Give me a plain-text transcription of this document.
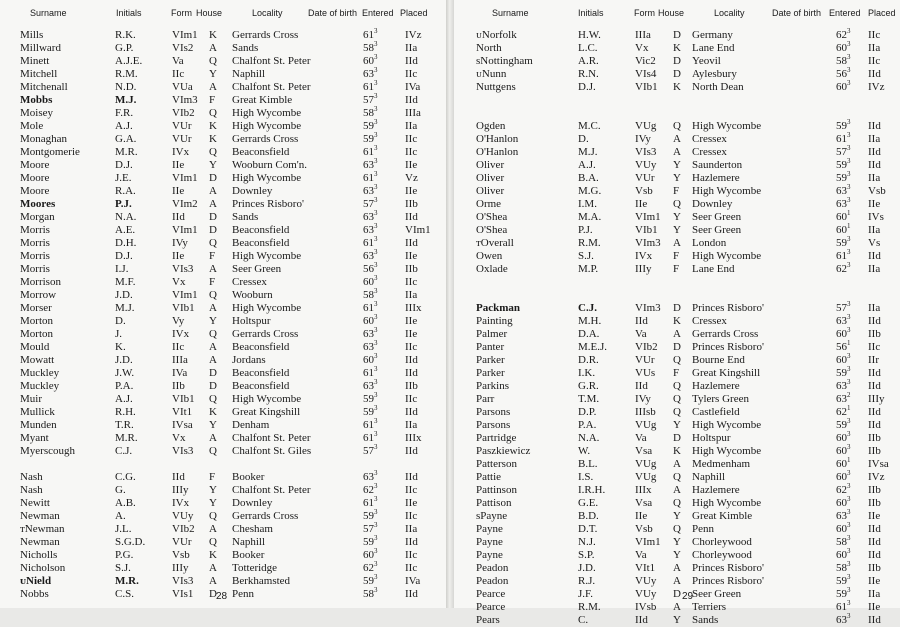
Surname	Initials	Form House	Locality	Date of birth Entered Placed
Mills	R.K.	VIm1	K	Gerrards Cross	$61^3$	IVz
Millward	G.P.	VIs2	A	Sands	$58^3$	IIa
Minett	A.J.E.	Va	Q	Chalfont St. Peter	$60^3$	IId
Mitchell	R.M.	IIc	Y	Naphill	$63^3$	IIc
Mitchenall	N.D.	VUa	A	Chalfont St. Peter	$61^3$	IVa
Mobbs	M.J.	VIm3	F	Great Kimble	$57^3$	IId
Moisey	F.R.	VIb2	Q	High Wycombe	$58^3$	IIIa
Mole	A.J.	VUr	K	High Wycombe	$59^3$	IIa
Monaghan	G.A.	VUr	K	Gerrards Cross	$59^3$	IIc
Montgomerie	M.R.	IVx	Q	Beaconsfield	$61^3$	IIc
Moore	D.J.	IIe	Y	Wooburn Com'n.	$63^3$	IIe
Moore	J.E.	VIm1	D	High Wycombe	$61^3$	Vz
Moore	R.A.	IIe	A	Downley	$63^3$	IIe
Moores	P.J.	VIm2	A	Princes Risboro'	$57^3$	IIb
Morgan	N.A.	IId	D	Sands	$63^3$	IId
Morris	A.E.	VIm1	D	Beaconsfield	$63^3$	VIm1
Morris	D.H.	IVy	Q	Beaconsfield	$61^3$	IId
Morris	D.J.	IIe	F	High Wycombe	$63^3$	IIe
Morris	I.J.	VIs3	A	Seer Green	$56^3$	IIb
Morrison	M.F.	Vx	F	Cressex	$60^3$	IIc
Morrow	J.D.	VIm1	Q	Wooburn	$58^3$	IIa
Morser	M.J.	VIb1	A	High Wycombe	$61^3$	IIIx
Morton	D.	Vy	Y	Holtspur	$60^3$	IIe
Morton	J.	IVx	Q	Gerrards Cross	$63^3$	IIe
Mould	K.	IIc	A	Beaconsfield	$63^3$	IIc
Mowatt	J.D.	IIIa	A	Jordans	$60^3$	IId
Muckley	J.W.	IVa	D	Beaconsfield	$61^3$	IId
Muckley	P.A.	IIb	D	Beaconsfield	$63^3$	IIb
Muir	A.J.	VIb1	Q	High Wycombe	$59^3$	IIc
Mullick	R.H.	VIt1	K	Great Kingshill	$59^3$	IId
Munden	T.R.	IVsa	Y	Denham	$61^3$	IIa
Myant	M.R.	Vx	A	Chalfont St. Peter	$61^3$	IIIx
Myerscough	C.J.	VIs3	Q	Chalfont St. Giles	$57^3$	IId
Nash	C.G.	IId	F	Booker	$63^3$	IId
Nash	G.	IIIy	Y	Chalfont St. Peter	$62^3$	IIc
Newitt	A.B.	IVx	Y	Downley	$61^3$	IIe
Newman	A.	VUy	Q	Gerrards Cross	$59^3$	IIc
ᴛNewman	J.L.	VIb2	A	Chesham	$57^3$	IIa
Newman	S.G.D.	VUr	Q	Naphill	$59^3$	IId
Nicholls	P.G.	Vsb	K	Booker	$60^3$	IIc
Nicholson	S.J.	IIIy	A	Totteridge	$62^3$	IIc
ᴜNield	M.R.	VIs3	A	Berkhamsted	$59^3$	IVa
Nobbs	C.S.	VIs1	D	Penn	$58^3$	IId
28
Surname	Initials	Form House	Locality	Date of birth Entered Placed
ᴜNorfolk	H.W.	IIIa	D	Germany	$62^3$	IIc
North	L.C.	Vx	K	Lane End	$60^3$	IIa
sNottingham	A.R.	Vic2	D	Yeovil	$58^3$	IIc
ᴜNunn	R.N.	VIs4	D	Aylesbury	$56^3$	IId
Nuttgens	D.J.	VIb1	K	North Dean	$60^3$	IVz
Ogden	M.C.	VUg	Q	High Wycombe	$59^3$	IId
O'Hanlon	D.	IVy	A	Cressex	$61^3$	IIa
O'Hanlon	M.J.	VIs3	A	Cressex	$57^3$	IId
Oliver	A.J.	VUy	Y	Saunderton	$59^3$	IId
Oliver	B.A.	VUr	Y	Hazlemere	$59^3$	IIa
Oliver	M.G.	Vsb	F	High Wycombe	$63^3$	Vsb
Orme	I.M.	IIe	Q	Downley	$63^3$	IIe
O'Shea	M.A.	VIm1	Y	Seer Green	$60^1$	IVs
O'Shea	P.J.	VIb1	Y	Seer Green	$60^1$	IIa
ᴛOverall	R.M.	VIm3	A	London	$59^3$	Vs
Owen	S.J.	IVx	F	High Wycombe	$61^3$	IId
Oxlade	M.P.	IIIy	F	Lane End	$62^3$	IIa
Packman	C.J.	VIm3	D	Princes Risboro'	$57^3$	IIa
Painting	M.H.	IId	K	Cressex	$63^3$	IId
Palmer	D.A.	Va	A	Gerrards Cross	$60^3$	IIb
Panter	M.E.J.	VIb2	D	Princes Risboro'	$56^1$	IIc
Parker	D.R.	VUr	Q	Bourne End	$60^3$	IIr
Parker	I.K.	VUs	F	Great Kingshill	$59^3$	IId
Parkins	G.R.	IId	Q	Hazlemere	$63^3$	IId
Parr	T.M.	IVy	Q	Tylers Green	$63^2$	IIIy
Parsons	D.P.	IIIsb	Q	Castlefield	$62^1$	IId
Parsons	P.A.	VUg	Y	High Wycombe	$59^3$	IId
Partridge	N.A.	Va	D	Holtspur	$60^3$	IIb
Paszkiewicz	W.	Vsa	K	High Wycombe	$60^3$	IIb
Patterson	B.L.	VUg	A	Medmenham	$60^1$	IVsa
Pattie	I.S.	VUg	Q	Naphill	$60^3$	IVz
Pattinson	I.R.H.	IIIx	A	Hazlemere	$62^3$	IIb
Pattison	G.E.	Vsa	Q	High Wycombe	$60^3$	IIb
sPayne	B.D.	IIe	Y	Great Kimble	$63^3$	IIe
Payne	D.T.	Vsb	Q	Penn	$60^3$	IId
Payne	N.J.	VIm1	Y	Chorleywood	$58^3$	IId
Payne	S.P.	Va	Y	Chorleywood	$60^3$	IId
Peadon	J.D.	VIt1	A	Princes Risboro'	$58^3$	IIb
Peadon	R.J.	VUy	A	Princes Risboro'	$59^3$	IIe
Pearce	J.F.	VUy	D	Seer Green	$59^3$	IIa
Pearce	R.M.	IVsb	A	Terriers	$61^3$	IIe
Pears	C.	IId	Y	Sands	$63^3$	IId
29
